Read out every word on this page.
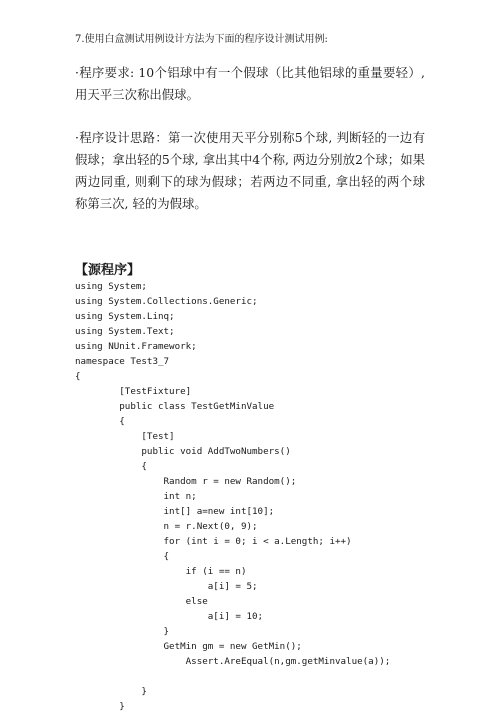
7.使用白盒测试用例设计方法为下面的程序设计测试用例:
·程序要求: 10个铝球中有一个假球（比其他铝球的重量要轻）, 用天平三次称出假球。
·程序设计思路：第一次使用天平分别称5个球, 判断轻的一边有假球；拿出轻的5个球, 拿出其中4个称, 两边分别放2个球；如果两边同重, 则剩下的球为假球；若两边不同重, 拿出轻的两个球称第三次, 轻的为假球。
【源程序】
using System;
using System.Collections.Generic;
using System.Linq;
using System.Text;
using NUnit.Framework;
namespace Test3_7
{
[TestFixture]
public class TestGetMinValue
{
[Test]
public void AddTwoNumbers()
{
Random r = new Random();
int n;
int[] a=new int[10];
n = r.Next(0, 9);
for (int i = 0; i < a.Length; i++)
{
if (i == n)
a[i] = 5;
else
a[i] = 10;
}
GetMin gm = new GetMin();
Assert.AreEqual(n,gm.getMinvalue(a));
}
}
